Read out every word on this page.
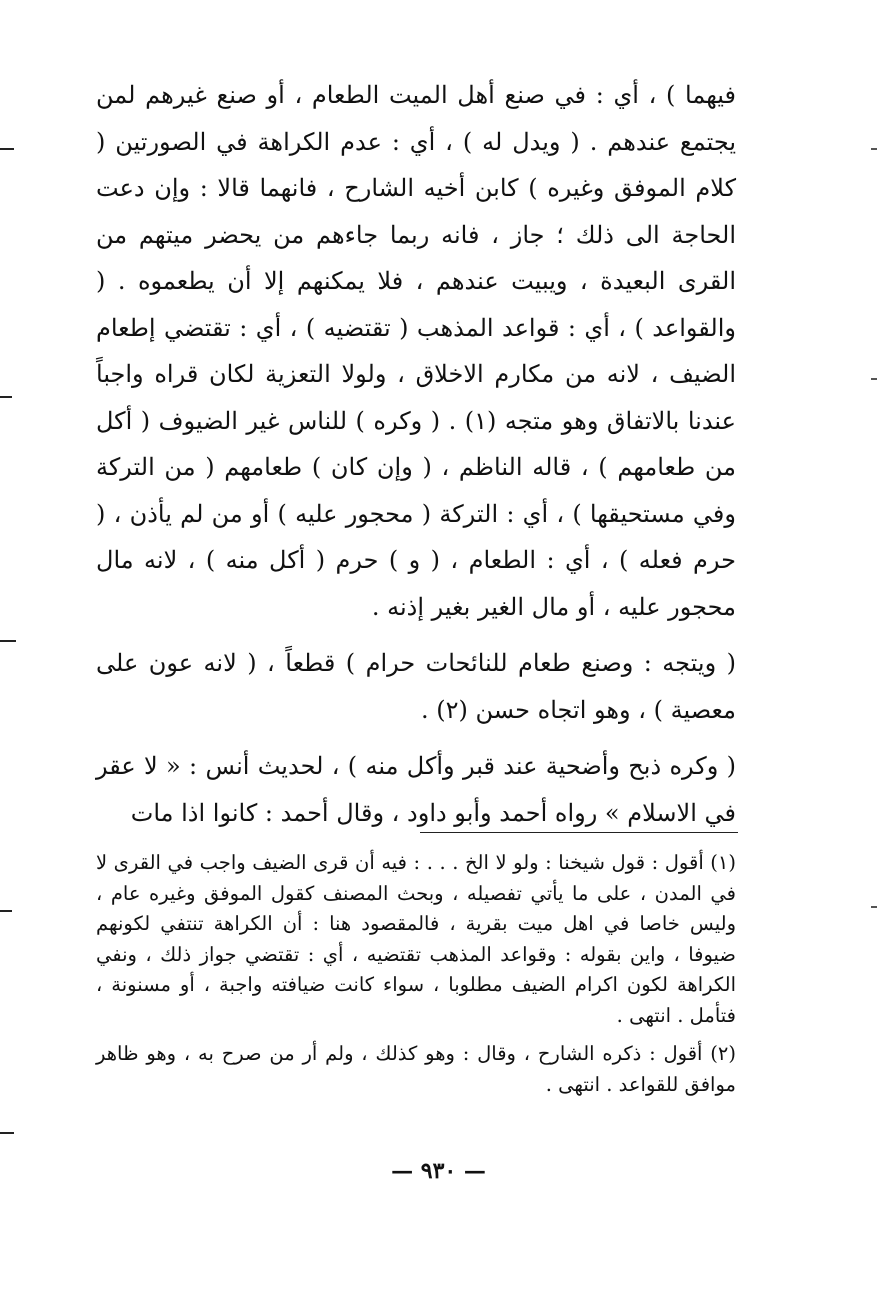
فيهما ) ، أي : في صنع أهل الميت الطعام ، أو صنع غيرهم لمن يجتمع عندهم . ( ويدل له ) ، أي : عدم الكراهة في الصورتين ( كلام الموفق وغيره ) كابن أخيه الشارح ، فانهما قالا : وإن دعت الحاجة الى ذلك ؛ جاز ، فانه ربما جاءهم من يحضر ميتهم من القرى البعيدة ، ويبيت عندهم ، فلا يمكنهم إلا أن يطعموه . ( والقواعد ) ، أي : قواعد المذهب ( تقتضيه ) ، أي : تقتضي إطعام الضيف ، لانه من مكارم الاخلاق ، ولولا التعزية لكان قراه واجباً عندنا بالاتفاق وهو متجه (١) . ( وكره ) للناس غير الضيوف ( أكل من طعامهم ) ، قاله الناظم ، ( وإن كان ) طعامهم ( من التركة وفي مستحيقها ) ، أي : التركة ( محجور عليه ) أو من لم يأذن ، ( حرم فعله ) ، أي : الطعام ، ( و ) حرم ( أكل منه ) ، لانه مال محجور عليه ، أو مال الغير بغير إذنه .

( ويتجه : وصنع طعام للنائحات حرام ) قطعاً ، ( لانه عون على معصية ) ، وهو اتجاه حسن (٢) .

( وكره ذبح وأضحية عند قبر وأكل منه ) ، لحديث أنس : « لا عقر في الاسلام » رواه أحمد وأبو داود ، وقال أحمد : كانوا اذا مات

(١) أقول : قول شيخنا : ولو لا الخ . . . : فيه أن قرى الضيف واجب في القرى لا في المدن ، على ما يأتي تفصيله ، وبحث المصنف كقول الموفق وغيره عام ، وليس خاصا في اهل ميت بقرية ، فالمقصود هنا : أن الكراهة تنتفي لكونهم ضيوفا ، واين بقوله : وقواعد المذهب تقتضيه ، أي : تقتضي جواز ذلك ، ونفي الكراهة لكون اكرام الضيف مطلوبا ، سواء كانت ضيافته واجبة ، أو مسنونة ، فتأمل . انتهى .

(٢) أقول : ذكره الشارح ، وقال : وهو كذلك ، ولم أر من صرح به ، وهو ظاهر موافق للقواعد . انتهى .

— ٩٣٠ —
